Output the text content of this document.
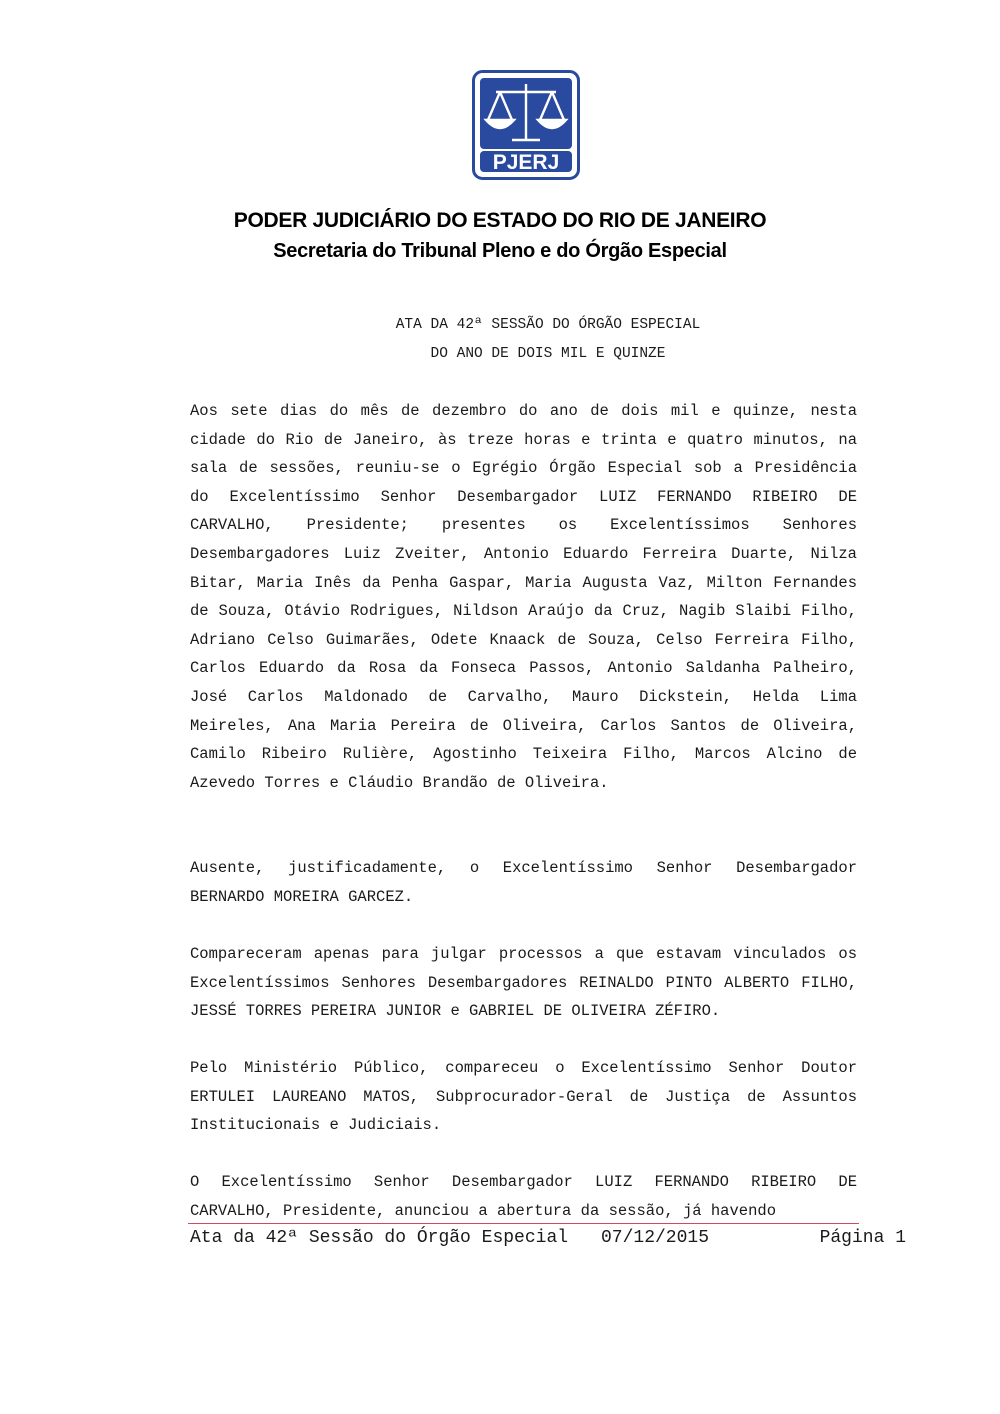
PJERJ
PODER JUDICIÁRIO DO ESTADO DO RIO DE JANEIRO
Secretaria do Tribunal Pleno e do Órgão Especial
ATA DA 42ª SESSÃO DO ÓRGÃO ESPECIAL
DO ANO DE DOIS MIL E QUINZE

Aos sete dias do mês de dezembro do ano de dois mil e quinze, nesta cidade do Rio de Janeiro, às treze horas e trinta e quatro minutos, na sala de sessões, reuniu-se o Egrégio Órgão Especial sob a Presidência do Excelentíssimo Senhor Desembargador LUIZ FERNANDO RIBEIRO DE CARVALHO, Presidente; presentes os Excelentíssimos Senhores Desembargadores Luiz Zveiter, Antonio Eduardo Ferreira Duarte, Nilza Bitar, Maria Inês da Penha Gaspar, Maria Augusta Vaz, Milton Fernandes de Souza, Otávio Rodrigues, Nildson Araújo da Cruz, Nagib Slaibi Filho, Adriano Celso Guimarães, Odete Knaack de Souza, Celso Ferreira Filho, Carlos Eduardo da Rosa da Fonseca Passos, Antonio Saldanha Palheiro, José Carlos Maldonado de Carvalho, Mauro Dickstein, Helda Lima Meireles, Ana Maria Pereira de Oliveira, Carlos Santos de Oliveira, Camilo Ribeiro Rulière, Agostinho Teixeira Filho, Marcos Alcino de Azevedo Torres e Cláudio Brandão de Oliveira.

Ausente, justificadamente, o Excelentíssimo Senhor Desembargador BERNARDO MOREIRA GARCEZ.

Compareceram apenas para julgar processos a que estavam vinculados os Excelentíssimos Senhores Desembargadores REINALDO PINTO ALBERTO FILHO, JESSÉ TORRES PEREIRA JUNIOR e GABRIEL DE OLIVEIRA ZÉFIRO.

Pelo Ministério Público, compareceu o Excelentíssimo Senhor Doutor ERTULEI LAUREANO MATOS, Subprocurador-Geral de Justiça de Assuntos Institucionais e Judiciais.

O Excelentíssimo Senhor Desembargador LUIZ FERNANDO RIBEIRO DE CARVALHO, Presidente, anunciou a abertura da sessão, já havendo

Ata da 42ª Sessão do Órgão Especial 07/12/2015	Página 1
